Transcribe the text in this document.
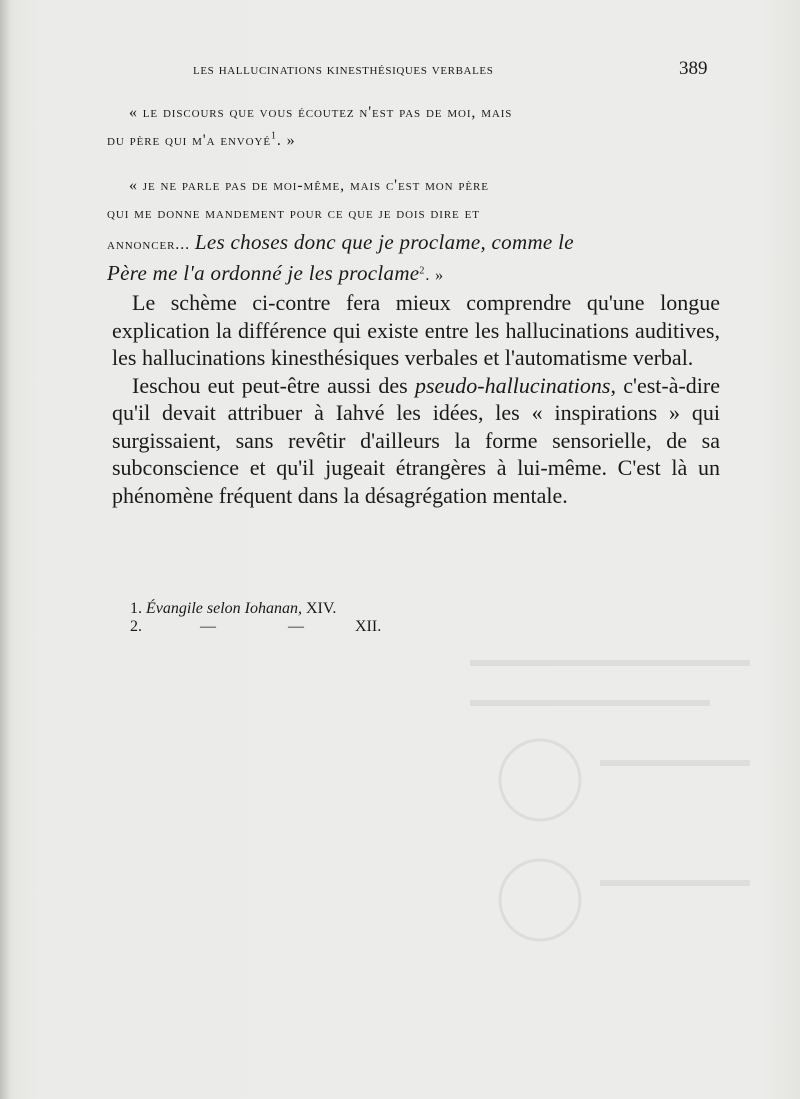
les hallucinations kinesthésiques verbales	389
« le discours que vous écoutez n'est pas de moi, mais
du père qui m'a envoyé$^1$. »
« je ne parle pas de moi-même, mais c'est mon père
qui me donne mandement pour ce que je dois dire et
annoncer... Les choses donc que je proclame, comme le
Père me l'a ordonné je les proclame$^2$. »

Le schème ci-contre fera mieux comprendre qu'une longue explication la différence qui existe entre les hallucinations auditives, les hallucinations kinesthésiques verbales et l'automatisme verbal.

Ieschou eut peut-être aussi des pseudo-hallucinations, c'est-à-dire qu'il devait attribuer à Iahvé les idées, les « inspirations » qui surgissaient, sans revêtir d'ailleurs la forme sensorielle, de sa subconscience et qu'il jugeait étrangères à lui-même. C'est là un phénomène fréquent dans la désagrégation mentale.

1. Évangile selon Iohanan, XIV.
2.	—	—	XII.
